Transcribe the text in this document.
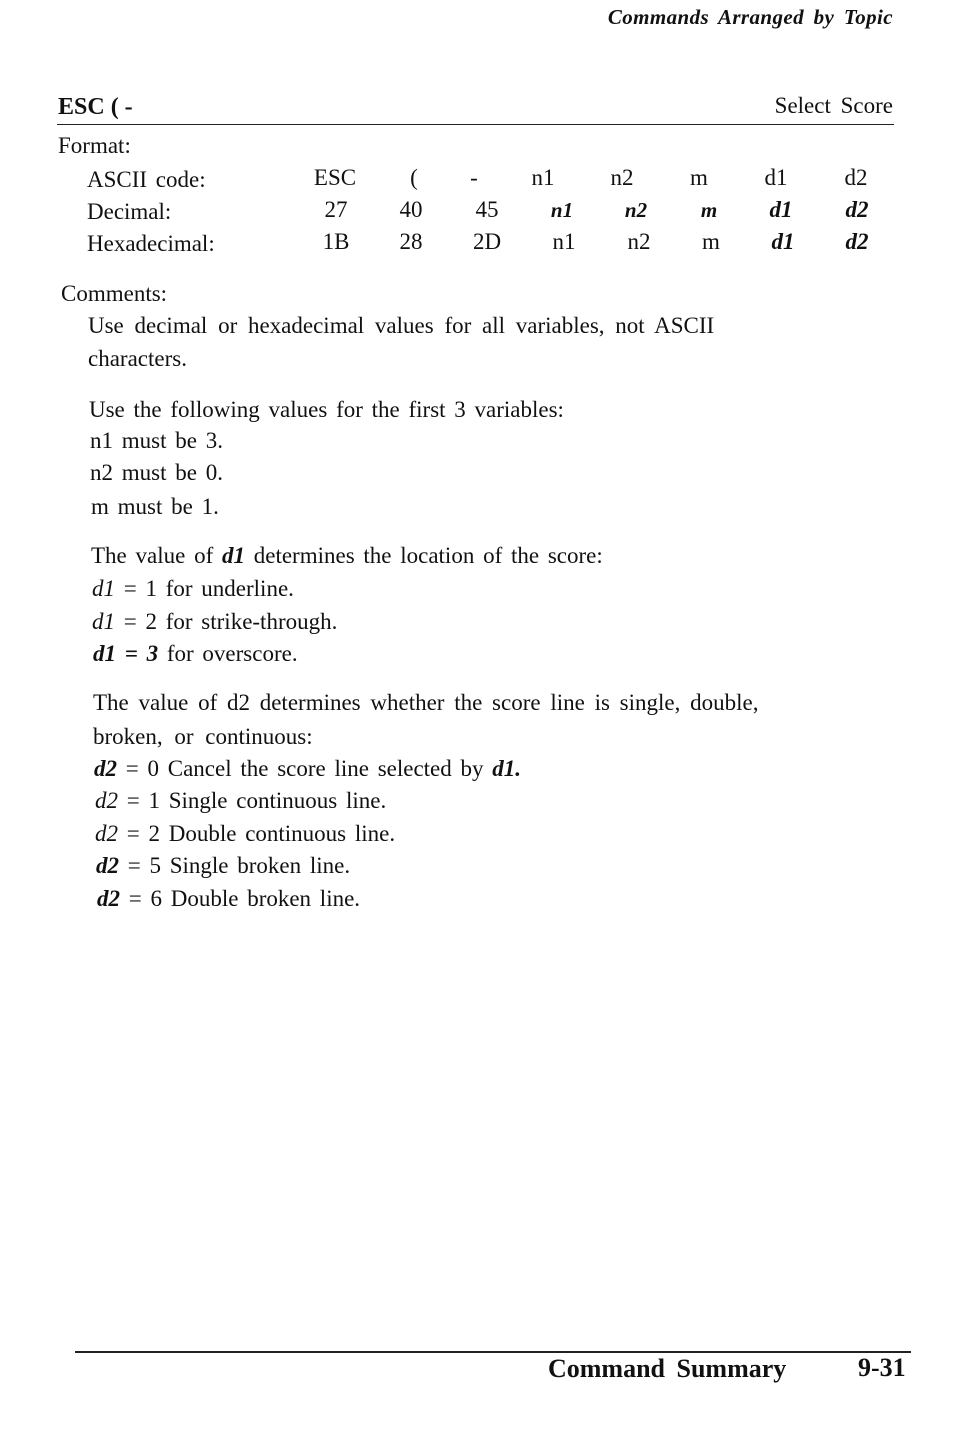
Commands Arranged by Topic
ESC ( -	Select Score
Format:
ASCII code:	ESC	(	-	n1	n2	m	d1	d2
Decimal:	27	40	45	n1	n2	m	d1	d2
Hexadecimal:	1B	28	2D	n1	n2	m	d1	d2
Comments:
Use decimal or hexadecimal values for all variables, not ASCII
characters.
Use the following values for the first 3 variables:
n1 must be 3.
n2 must be 0.
m must be 1.
The value of d1 determines the location of the score:
d1 = 1 for underline.
d1 = 2 for strike-through.
d1 = 3 for overscore.
The value of d2 determines whether the score line is single, double,
broken, or continuous:
d2 = 0 Cancel the score line selected by d1.
d2 = 1 Single continuous line.
d2 = 2 Double continuous line.
d2 = 5 Single broken line.
d2 = 6 Double broken line.
Command Summary	9-31
